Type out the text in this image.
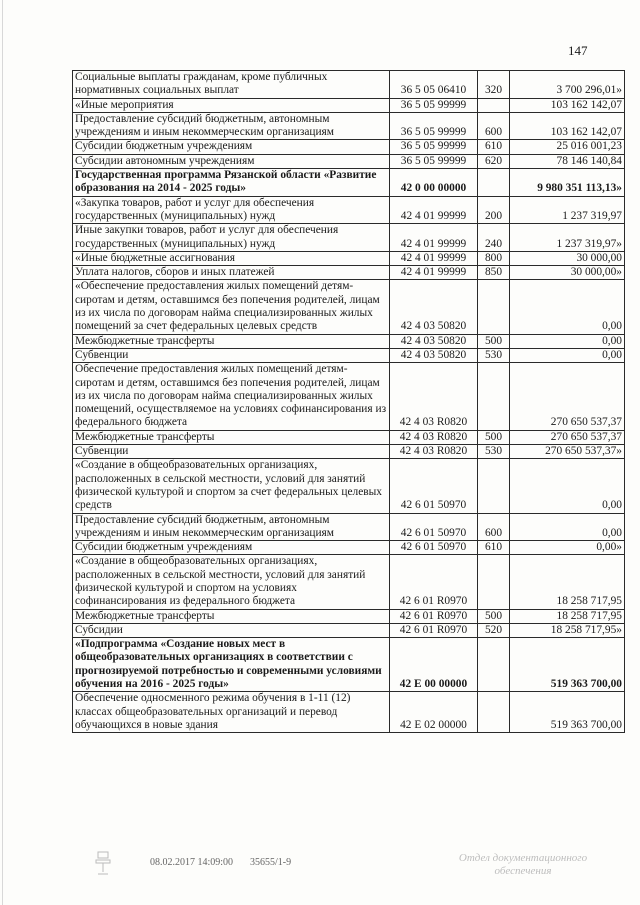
147
Социальные выплаты гражданам, кроме публичных нормативных социальных выплат	36 5 05 06410	320	3 700 296,01»
«Иные мероприятия	36 5 05 99999		103 162 142,07
Предоставление субсидий бюджетным, автономным учреждениям и иным некоммерческим организациям	36 5 05 99999	600	103 162 142,07
Субсидии бюджетным учреждениям	36 5 05 99999	610	25 016 001,23
Субсидии автономным учреждениям	36 5 05 99999	620	78 146 140,84
Государственная программа Рязанской области «Развитие образования на 2014 - 2025 годы»	42 0 00 00000		9 980 351 113,13»
«Закупка товаров, работ и услуг для обеспечения государственных (муниципальных) нужд	42 4 01 99999	200	1 237 319,97
Иные закупки товаров, работ и услуг для обеспечения государственных (муниципальных) нужд	42 4 01 99999	240	1 237 319,97»
«Иные бюджетные ассигнования	42 4 01 99999	800	30 000,00
Уплата налогов, сборов и иных платежей	42 4 01 99999	850	30 000,00»
«Обеспечение предоставления жилых помещений детям-сиротам и детям, оставшимся без попечения родителей, лицам из их числа по договорам найма специализированных жилых помещений за счет федеральных целевых средств	42 4 03 50820		0,00
Межбюджетные трансферты	42 4 03 50820	500	0,00
Субвенции	42 4 03 50820	530	0,00
Обеспечение предоставления жилых помещений детям-сиротам и детям, оставшимся без попечения родителей, лицам из их числа по договорам найма специализированных жилых помещений, осуществляемое на условиях софинансирования из федерального бюджета	42 4 03 R0820		270 650 537,37
Межбюджетные трансферты	42 4 03 R0820	500	270 650 537,37
Субвенции	42 4 03 R0820	530	270 650 537,37»
«Создание в общеобразовательных организациях, расположенных в сельской местности, условий для занятий физической культурой и спортом за счет федеральных целевых средств	42 6 01 50970		0,00
Предоставление субсидий бюджетным, автономным учреждениям и иным некоммерческим организациям	42 6 01 50970	600	0,00
Субсидии бюджетным учреждениям	42 6 01 50970	610	0,00»
«Создание в общеобразовательных организациях, расположенных в сельской местности, условий для занятий физической культурой и спортом на условиях софинансирования из федерального бюджета	42 6 01 R0970		18 258 717,95
Межбюджетные трансферты	42 6 01 R0970	500	18 258 717,95
Субсидии	42 6 01 R0970	520	18 258 717,95»
«Подпрограмма «Создание новых мест в общеобразовательных организациях в соответствии с прогнозируемой потребностью и современными условиями обучения на 2016 - 2025 годы»	42 Е 00 00000		519 363 700,00
Обеспечение односменного режима обучения в 1-11 (12) классах общеобразовательных организаций и перевод обучающихся в новые здания	42 Е 02 00000		519 363 700,00
08.02.2017 14:09:00 35655/1-9	Отдел документационного обеспечения
